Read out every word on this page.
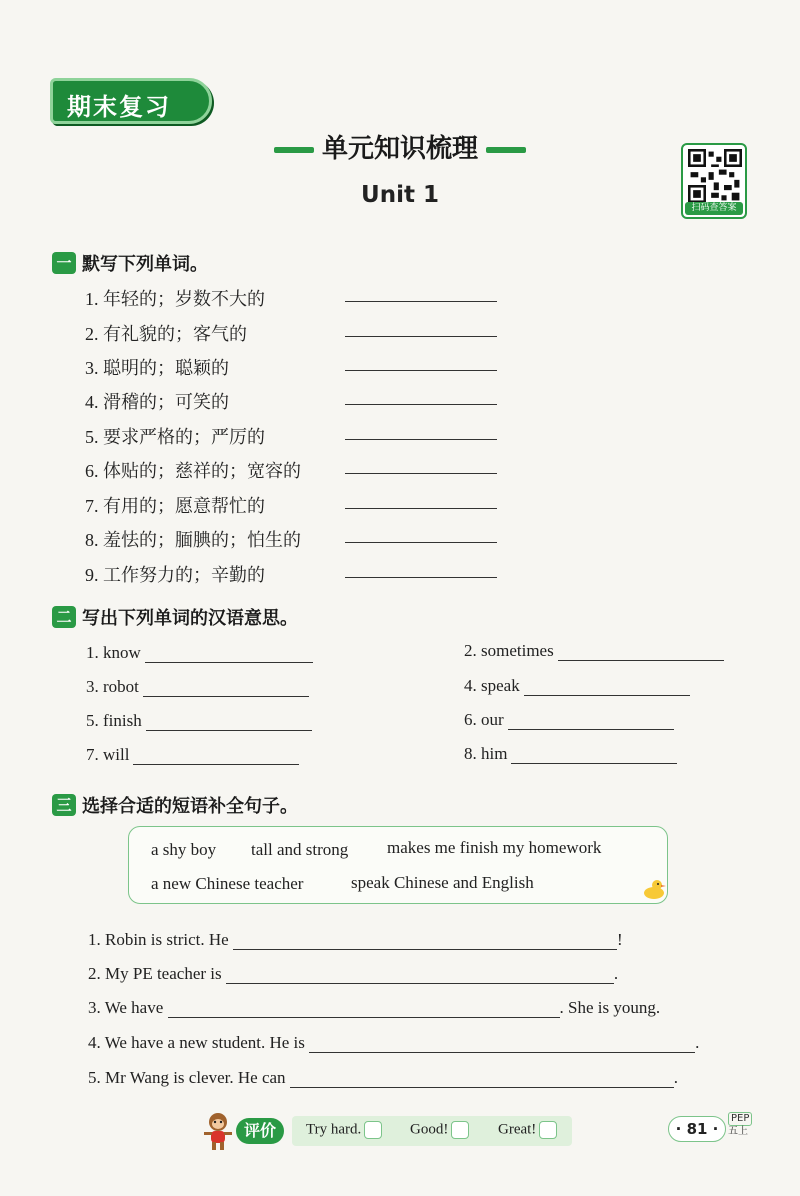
期末复习
单元知识梳理
Unit 1	扫码查答案
一 默写下列单词。
1. 年轻的；岁数不大的
2. 有礼貌的；客气的
3. 聪明的；聪颖的
4. 滑稽的；可笑的
5. 要求严格的；严厉的
6. 体贴的；慈祥的；宽容的
7. 有用的；愿意帮忙的
8. 羞怯的；腼腆的；怕生的
9. 工作努力的；辛勤的
二 写出下列单词的汉语意思。
1. know	2. sometimes
3. robot	4. speak
5. finish	6. our
7. will	8. him
三 选择合适的短语补全句子。
a shy boy tall and strong makes me finish my homework
a new Chinese teacher	speak Chinese and English
1. Robin is strict. He	!
2. My PE teacher is	.
3. We have	. She is young.
4. We have a new student. He is	.
5. Mr Wang is clever. He can	.
评价	Try hard.	Good!	Great!	· 81 ·
PEP
五上
